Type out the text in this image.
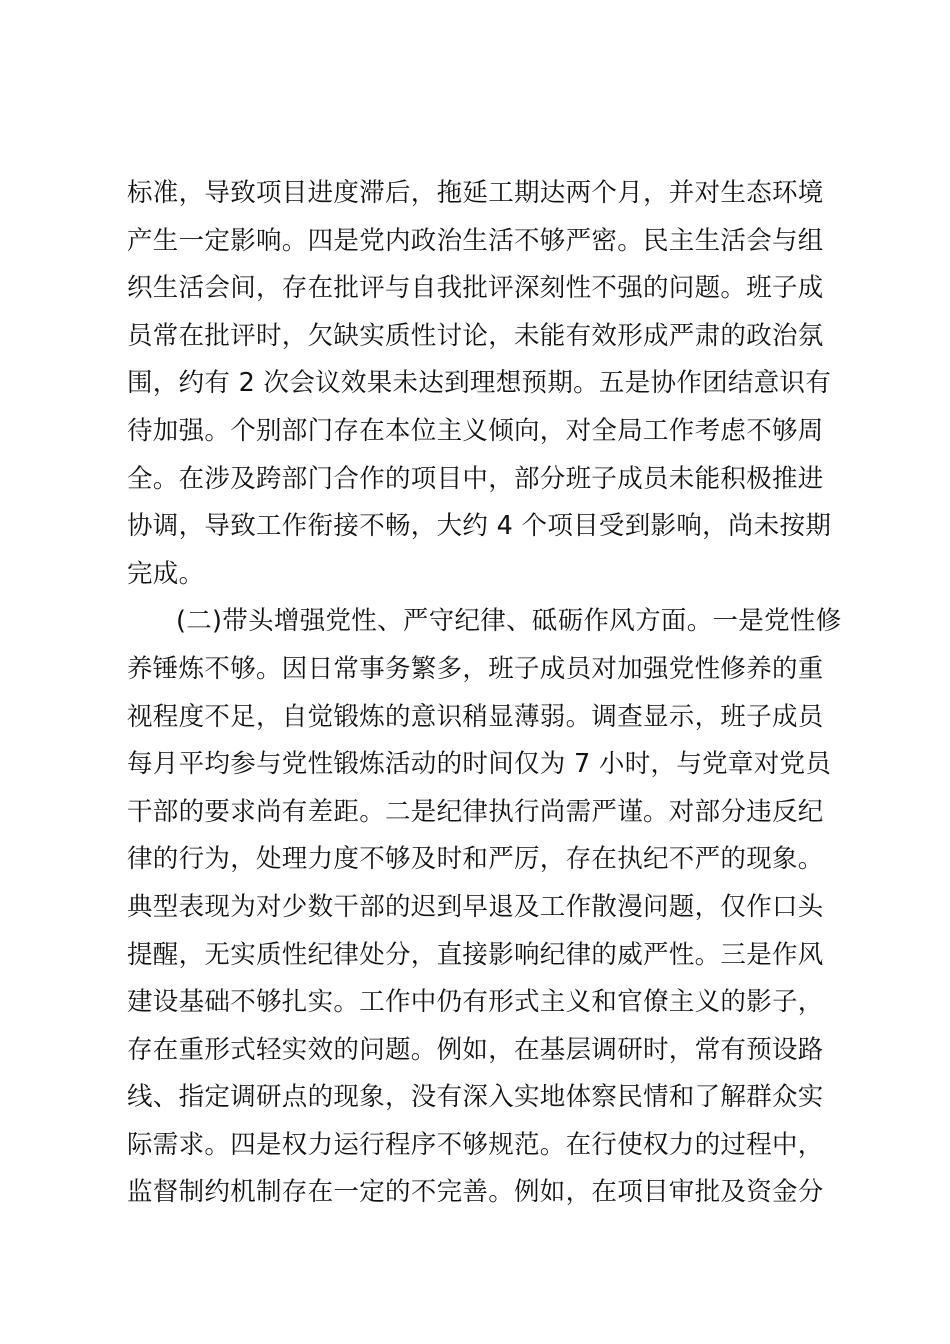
标准，导致项目进度滞后，拖延工期达两个月，并对生态环境
产生一定影响。四是党内政治生活不够严密。民主生活会与组
织生活会间，存在批评与自我批评深刻性不强的问题。班子成
员常在批评时，欠缺实质性讨论，未能有效形成严肃的政治氛
围，约有 2 次会议效果未达到理想预期。五是协作团结意识有
待加强。个别部门存在本位主义倾向，对全局工作考虑不够周
全。在涉及跨部门合作的项目中，部分班子成员未能积极推进
协调，导致工作衔接不畅，大约 4 个项目受到影响，尚未按期
完成。
(二)带头增强党性、严守纪律、砥砺作风方面。一是党性修
养锤炼不够。因日常事务繁多，班子成员对加强党性修养的重
视程度不足，自觉锻炼的意识稍显薄弱。调查显示，班子成员
每月平均参与党性锻炼活动的时间仅为 7 小时，与党章对党员
干部的要求尚有差距。二是纪律执行尚需严谨。对部分违反纪
律的行为，处理力度不够及时和严厉，存在执纪不严的现象。
典型表现为对少数干部的迟到早退及工作散漫问题，仅作口头
提醒，无实质性纪律处分，直接影响纪律的威严性。三是作风
建设基础不够扎实。工作中仍有形式主义和官僚主义的影子，
存在重形式轻实效的问题。例如，在基层调研时，常有预设路
线、指定调研点的现象，没有深入实地体察民情和了解群众实
际需求。四是权力运行程序不够规范。在行使权力的过程中，
监督制约机制存在一定的不完善。例如，在项目审批及资金分
